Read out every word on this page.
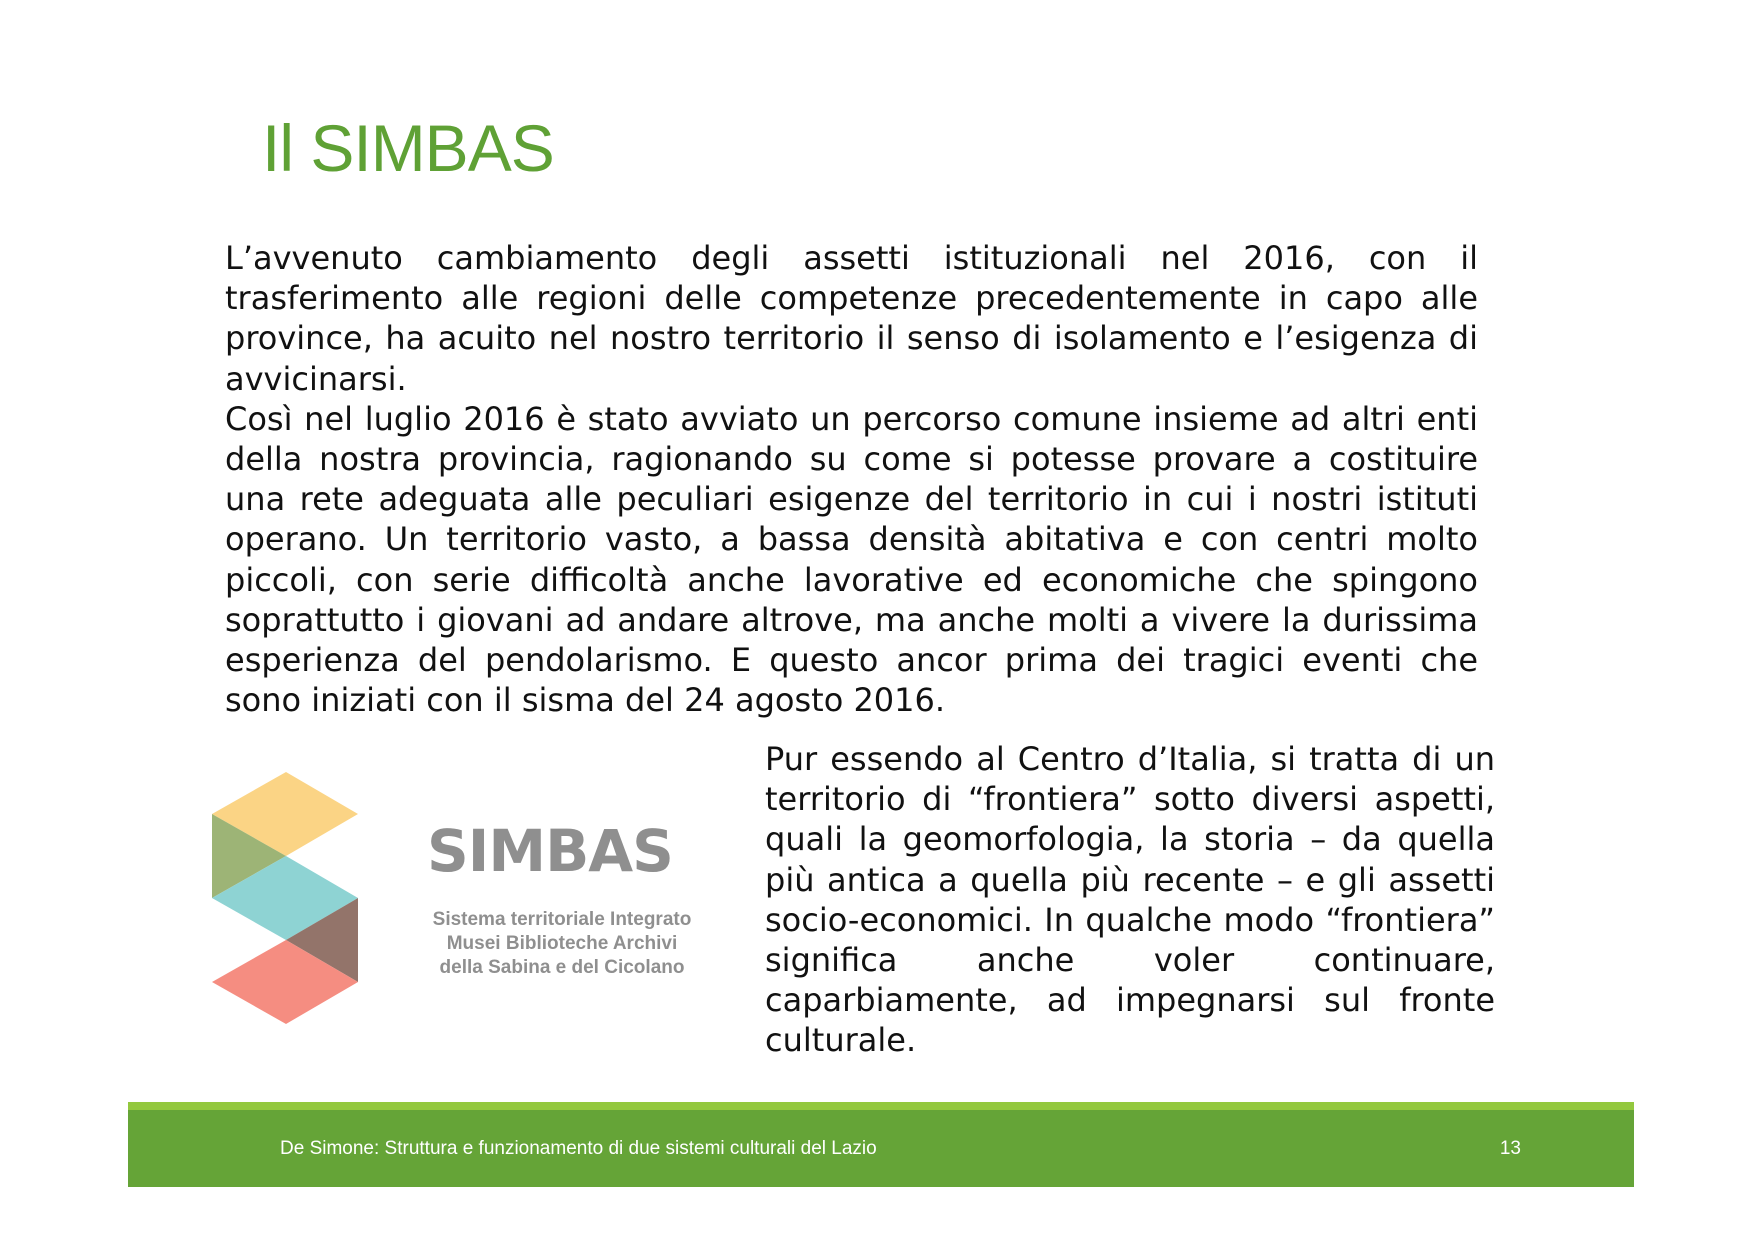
Il SIMBAS

L’avvenuto cambiamento degli assetti istituzionali nel 2016, con il trasferimento alle regioni delle competenze precedentemente in capo alle province, ha acuito nel nostro territorio il senso di isolamento e l’esigenza di avvicinarsi.

Così nel luglio 2016 è stato avviato un percorso comune insieme ad altri enti della nostra provincia, ragionando su come si potesse provare a costituire una rete adeguata alle peculiari esigenze del territorio in cui i nostri istituti operano. Un territorio vasto, a bassa densità abitativa e con centri molto piccoli, con serie difficoltà anche lavorative ed economiche che spingono soprattutto i giovani ad andare altrove, ma anche molti a vivere la durissima esperienza del pendolarismo. E questo ancor prima dei tragici eventi che sono iniziati con il sisma del 24 agosto 2016.

SIMBAS
Sistema territoriale Integrato
Musei Biblioteche Archivi
della Sabina e del Cicolano

Pur essendo al Centro d’Italia, si tratta di un territorio di “frontiera” sotto diversi aspetti, quali la geomorfologia, la storia – da quella più antica a quella più recente – e gli assetti socio-economici. In qualche modo “frontiera” significa anche voler continuare, caparbiamente, ad impegnarsi sul fronte culturale.

De Simone: Struttura e funzionamento di due sistemi culturali del Lazio	13
